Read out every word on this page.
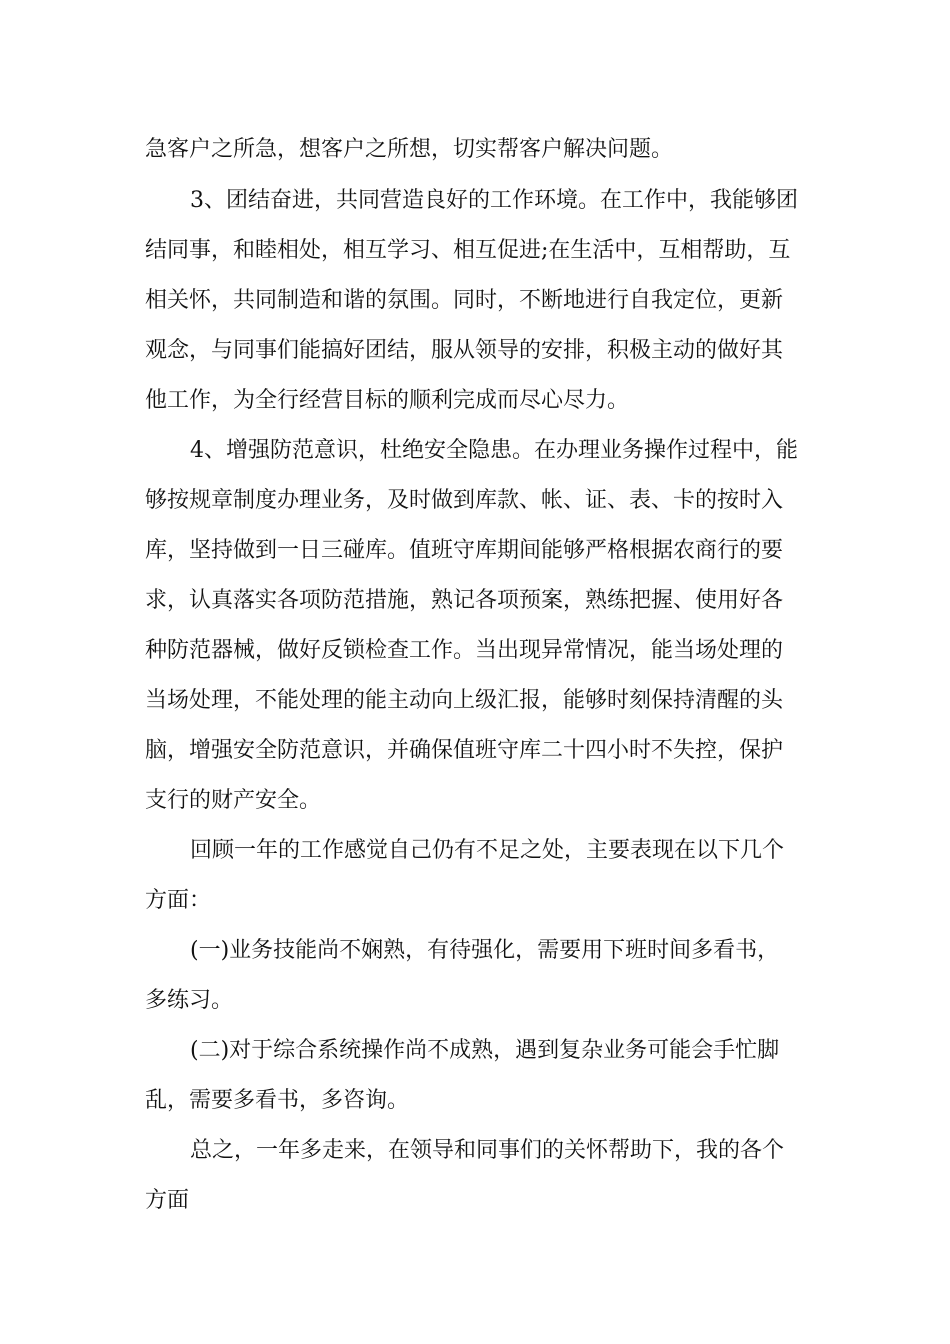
急客户之所急，想客户之所想，切实帮客户解决问题。
3、团结奋进，共同营造良好的工作环境。在工作中，我能够团
结同事，和睦相处，相互学习、相互促进;在生活中，互相帮助，互
相关怀，共同制造和谐的氛围。同时，不断地进行自我定位，更新
观念，与同事们能搞好团结，服从领导的安排，积极主动的做好其
他工作，为全行经营目标的顺利完成而尽心尽力。
4、增强防范意识，杜绝安全隐患。在办理业务操作过程中，能
够按规章制度办理业务，及时做到库款、帐、证、表、卡的按时入
库，坚持做到一日三碰库。值班守库期间能够严格根据农商行的要
求，认真落实各项防范措施，熟记各项预案，熟练把握、使用好各
种防范器械，做好反锁检查工作。当出现异常情况，能当场处理的
当场处理，不能处理的能主动向上级汇报，能够时刻保持清醒的头
脑，增强安全防范意识，并确保值班守库二十四小时不失控，保护
支行的财产安全。
回顾一年的工作感觉自己仍有不足之处，主要表现在以下几个
方面：
(一)业务技能尚不娴熟，有待强化，需要用下班时间多看书，
多练习。
(二)对于综合系统操作尚不成熟，遇到复杂业务可能会手忙脚
乱，需要多看书，多咨询。
总之，一年多走来，在领导和同事们的关怀帮助下，我的各个
方面
